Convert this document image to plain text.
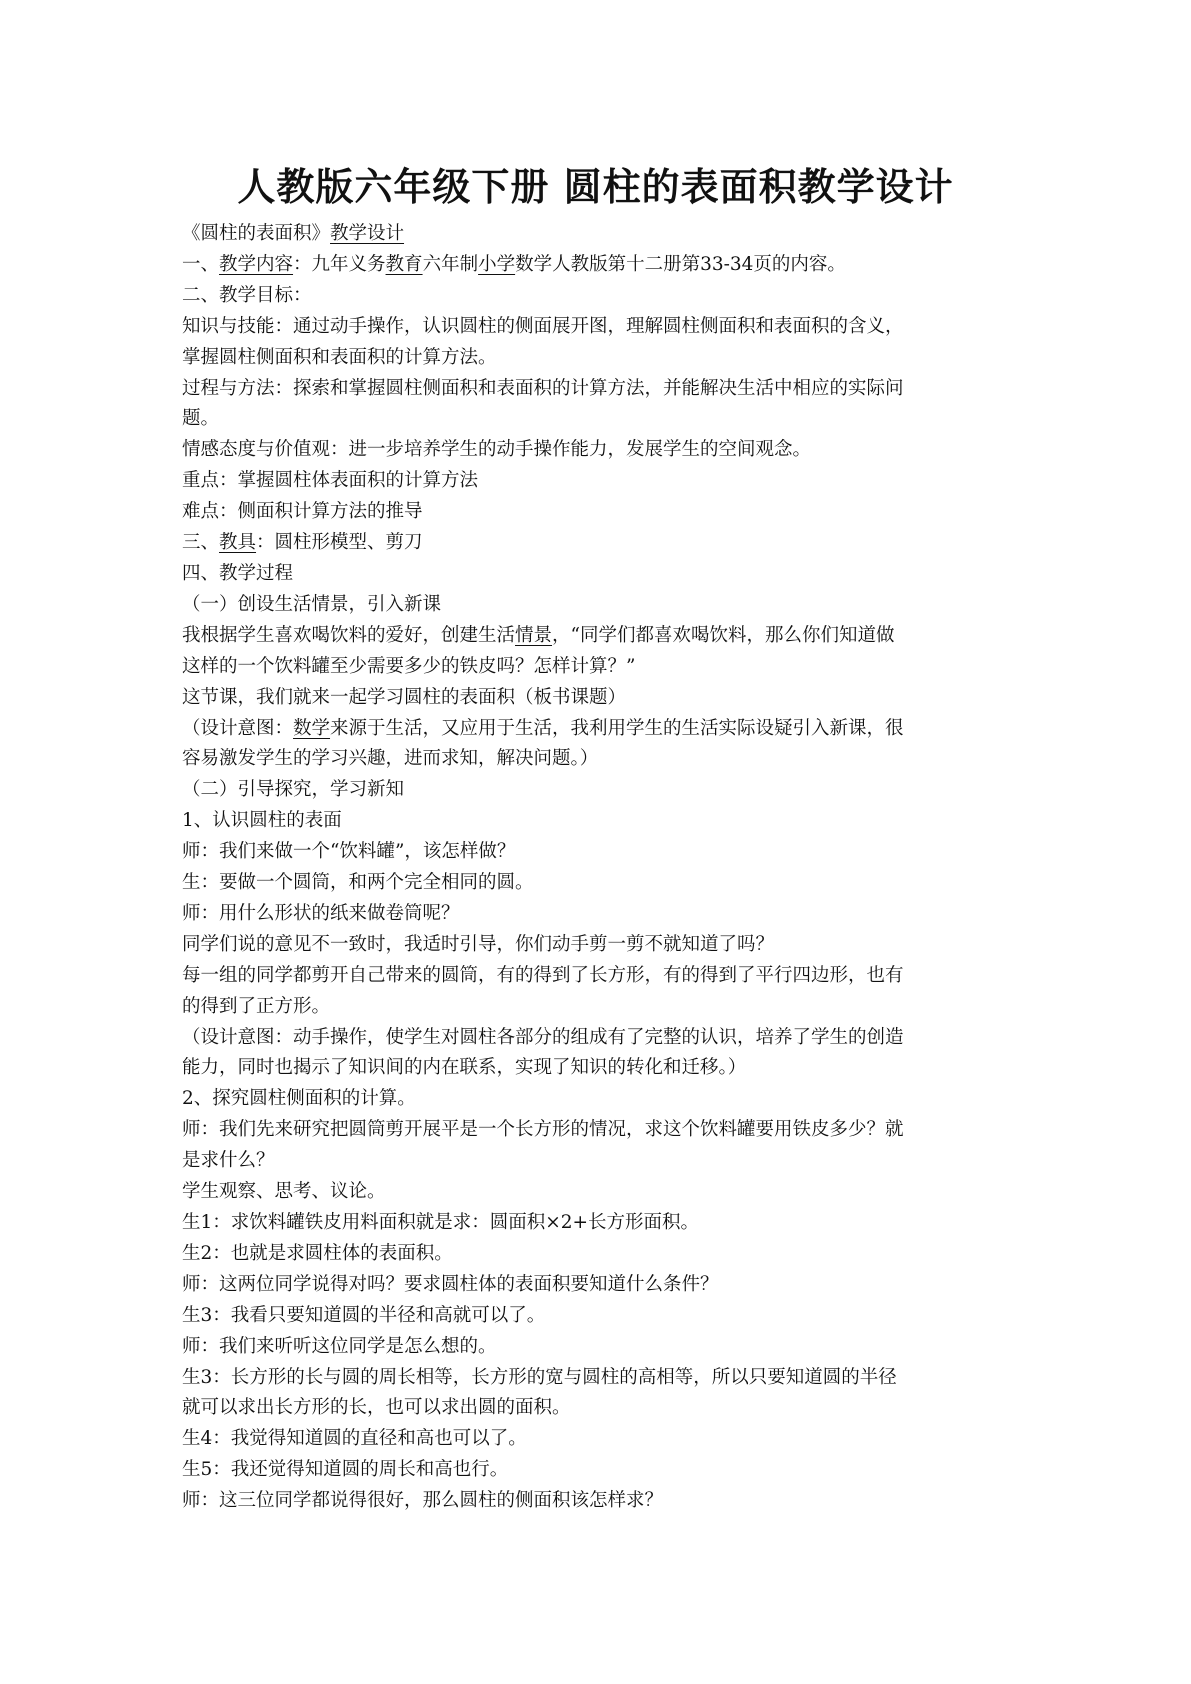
人教版六年级下册 圆柱的表面积教学设计
《圆柱的表面积》教学设计
一、教学内容：九年义务教育六年制小学数学人教版第十二册第33-34页的内容。
二、教学目标：
知识与技能：通过动手操作，认识圆柱的侧面展开图，理解圆柱侧面积和表面积的含义，
掌握圆柱侧面积和表面积的计算方法。
过程与方法：探索和掌握圆柱侧面积和表面积的计算方法，并能解决生活中相应的实际问
题。
情感态度与价值观：进一步培养学生的动手操作能力，发展学生的空间观念。
重点：掌握圆柱体表面积的计算方法
难点：侧面积计算方法的推导
三、教具：圆柱形模型、剪刀
四、教学过程
（一）创设生活情景，引入新课
我根据学生喜欢喝饮料的爱好，创建生活情景，“同学们都喜欢喝饮料，那么你们知道做
这样的一个饮料罐至少需要多少的铁皮吗？怎样计算？”
这节课，我们就来一起学习圆柱的表面积（板书课题）
（设计意图：数学来源于生活，又应用于生活，我利用学生的生活实际设疑引入新课，很
容易激发学生的学习兴趣，进而求知，解决问题。）
（二）引导探究，学习新知
1、认识圆柱的表面
师：我们来做一个“饮料罐”，该怎样做？
生：要做一个圆筒，和两个完全相同的圆。
师：用什么形状的纸来做卷筒呢？
同学们说的意见不一致时，我适时引导，你们动手剪一剪不就知道了吗？
每一组的同学都剪开自己带来的圆筒，有的得到了长方形，有的得到了平行四边形，也有
的得到了正方形。
（设计意图：动手操作，使学生对圆柱各部分的组成有了完整的认识，培养了学生的创造
能力，同时也揭示了知识间的内在联系，实现了知识的转化和迁移。）
2、探究圆柱侧面积的计算。
师：我们先来研究把圆筒剪开展平是一个长方形的情况，求这个饮料罐要用铁皮多少？就
是求什么？
学生观察、思考、议论。
生1：求饮料罐铁皮用料面积就是求：圆面积×2+长方形面积。
生2：也就是求圆柱体的表面积。
师：这两位同学说得对吗？要求圆柱体的表面积要知道什么条件？
生3：我看只要知道圆的半径和高就可以了。
师：我们来听听这位同学是怎么想的。
生3：长方形的长与圆的周长相等，长方形的宽与圆柱的高相等，所以只要知道圆的半径
就可以求出长方形的长，也可以求出圆的面积。
生4：我觉得知道圆的直径和高也可以了。
生5：我还觉得知道圆的周长和高也行。
师：这三位同学都说得很好，那么圆柱的侧面积该怎样求？
